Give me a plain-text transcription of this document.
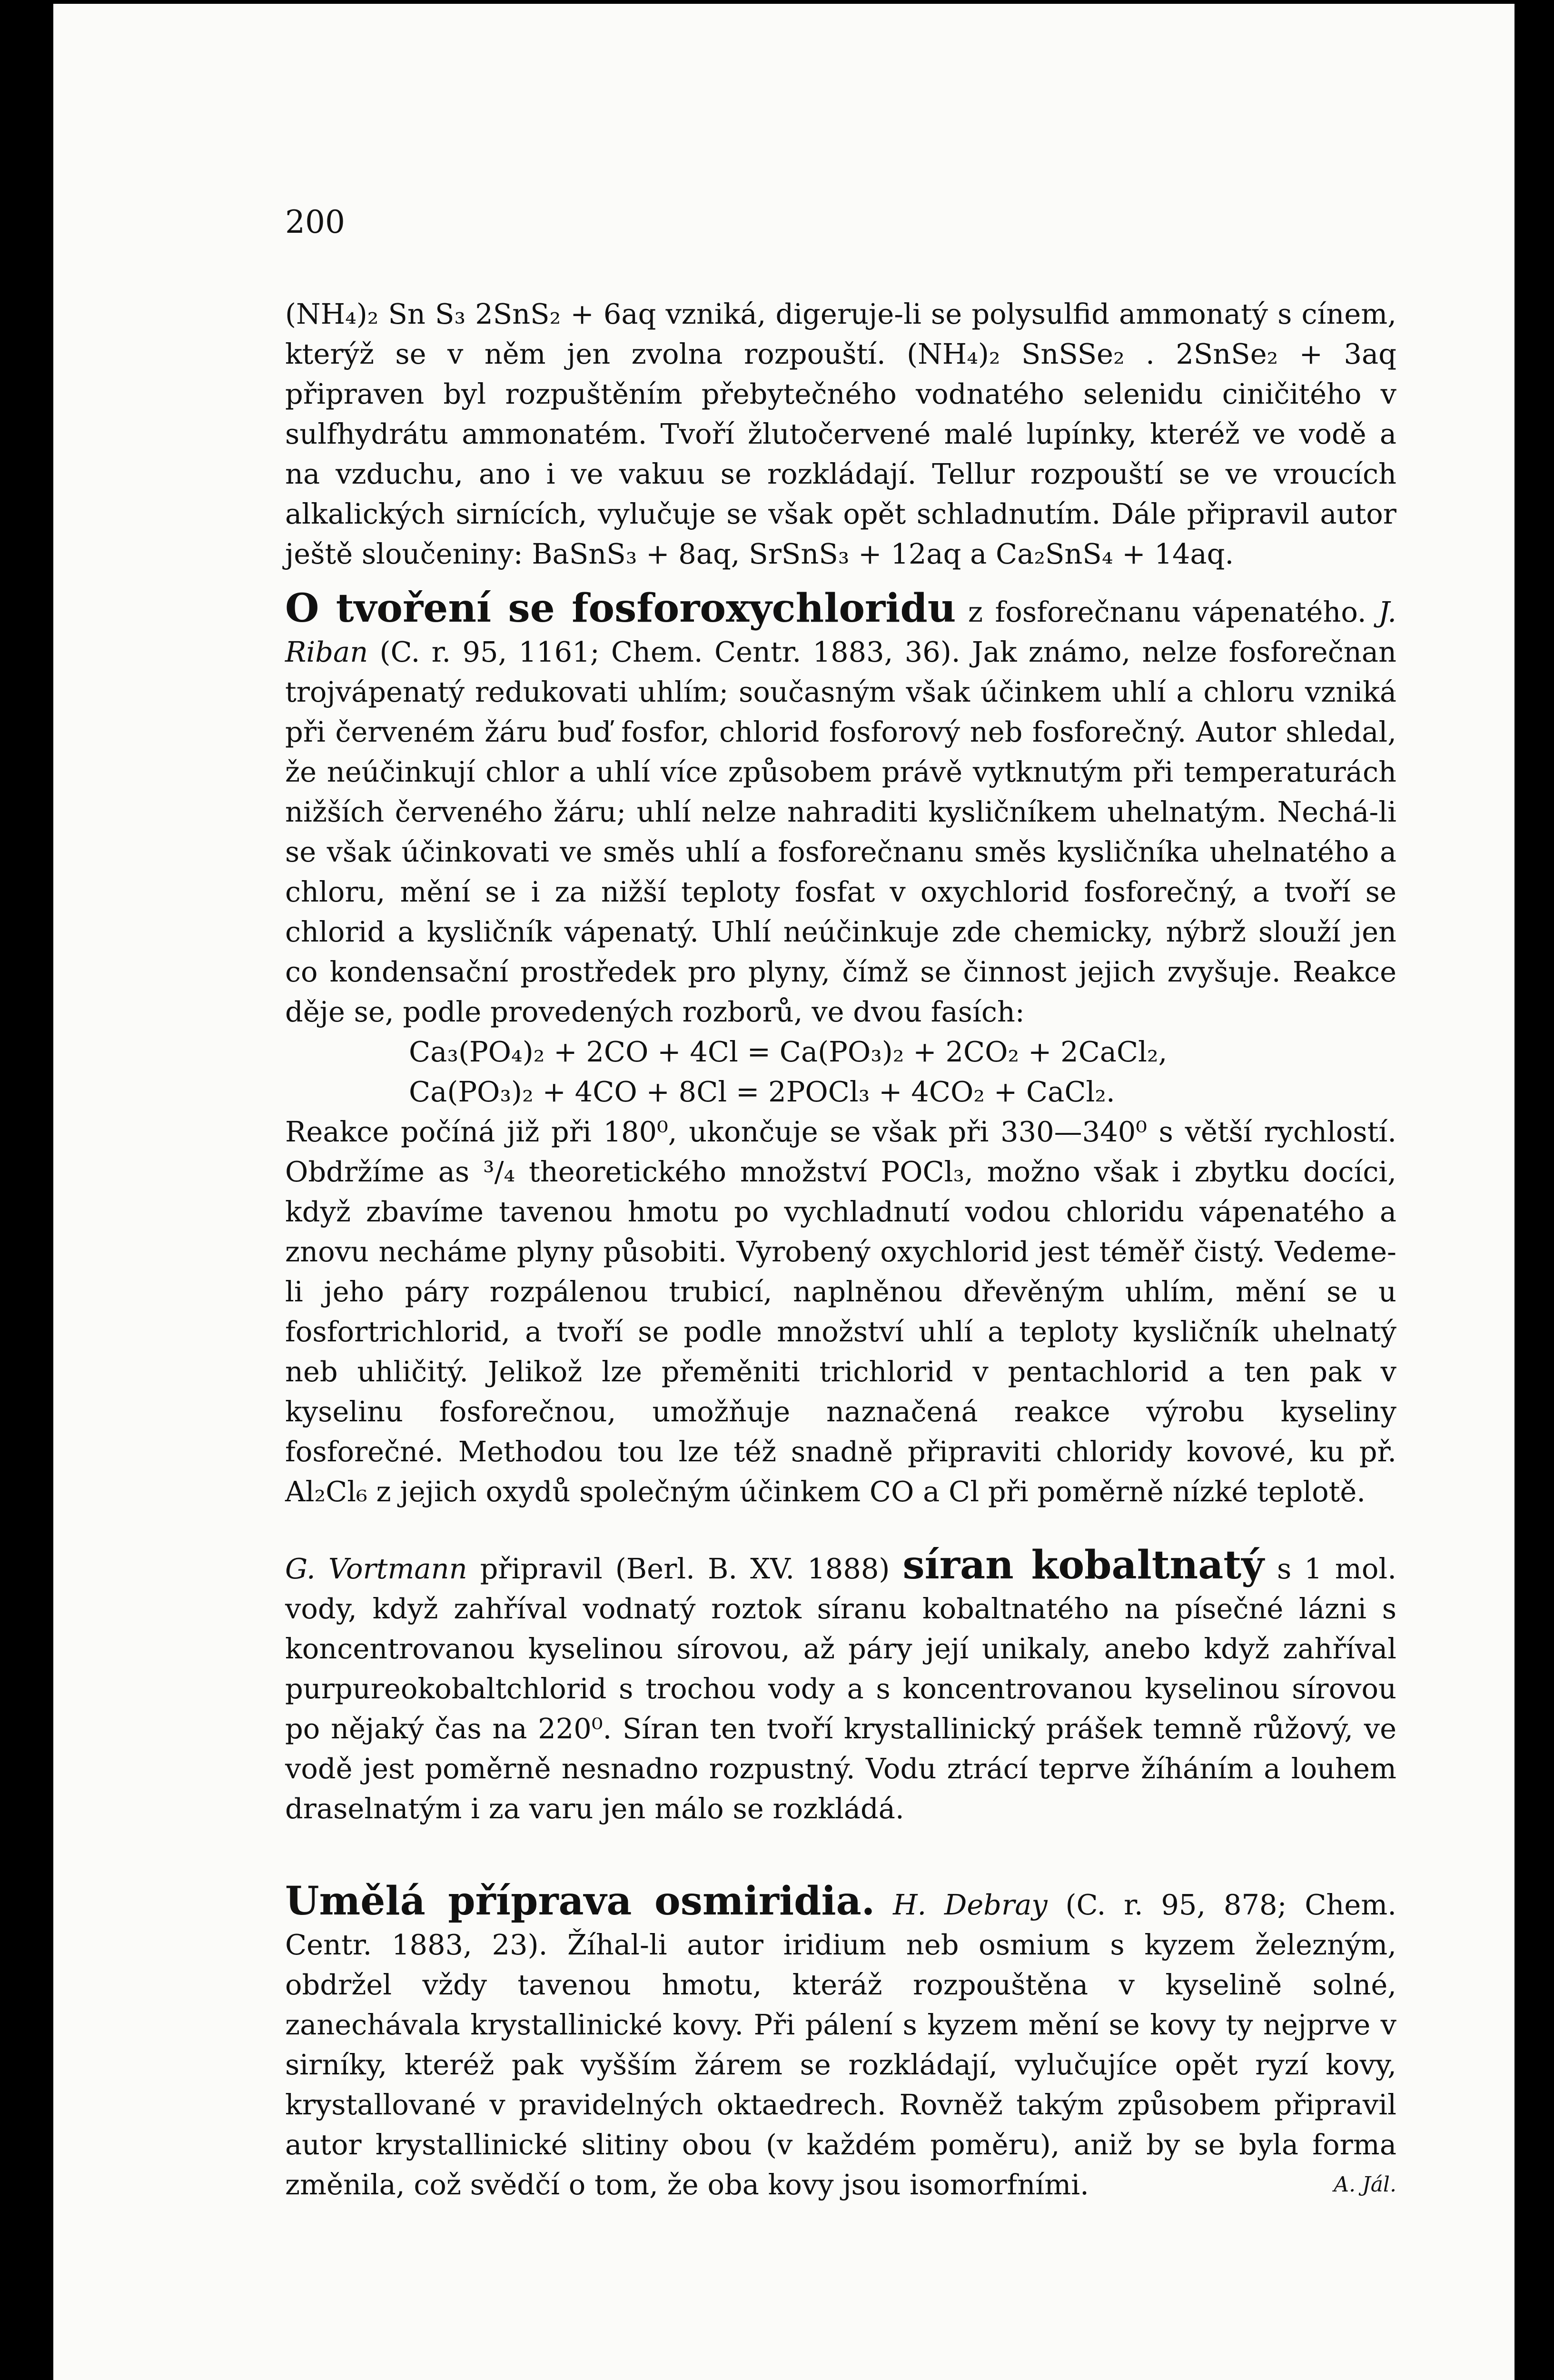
200

(NH₄)₂ Sn S₃ 2SnS₂ + 6aq vzniká, digeruje-li se polysulfid ammonatý s cínem, kterýž se v něm jen zvolna rozpouští. (NH₄)₂ SnSSe₂ . 2SnSe₂ + 3aq připraven byl rozpuštěním přebytečného vodnatého selenidu ciničitého v sulfhydrátu ammonatém. Tvoří žlutočervené malé lupínky, kteréž ve vodě a na vzduchu, ano i ve vakuu se rozkládají. Tellur rozpouští se ve vroucích alkalických sirnících, vylučuje se však opět schladnutím. Dále připravil autor ještě sloučeniny: BaSnS₃ + 8aq, SrSnS₃ + 12aq a Ca₂SnS₄ + 14aq.

O tvoření se fosforoxychloridu z fosforečnanu vápenatého. J. Riban (C. r. 95, 1161; Chem. Centr. 1883, 36). Jak známo, nelze fosforečnan trojvápenatý redukovati uhlím; současným však účinkem uhlí a chloru vzniká při červeném žáru buď fosfor, chlorid fosforový neb fosforečný. Autor shledal, že neúčinkují chlor a uhlí více způsobem právě vytknutým při temperaturách nižších červeného žáru; uhlí nelze nahraditi kysličníkem uhelnatým. Nechá-li se však účinkovati ve směs uhlí a fosforečnanu směs kysličníka uhelnatého a chloru, mění se i za nižší teploty fosfat v oxychlorid fosforečný, a tvoří se chlorid a kysličník vápenatý. Uhlí neúčinkuje zde chemicky, nýbrž slouží jen co kondensační prostředek pro plyny, čímž se činnost jejich zvyšuje. Reakce děje se, podle provedených rozborů, ve dvou fasích:

Ca₃(PO₄)₂ + 2CO + 4Cl = Ca(PO₃)₂ + 2CO₂ + 2CaCl₂,
Ca(PO₃)₂ + 4CO + 8Cl = 2POCl₃ + 4CO₂ + CaCl₂.

Reakce počíná již při 180⁰, ukončuje se však při 330—340⁰ s větší rychlostí. Obdržíme as ³/₄ theoretického množství POCl₃, možno však i zbytku docíci, když zbavíme tavenou hmotu po vychladnutí vodou chloridu vápenatého a znovu necháme plyny působiti. Vyrobený oxychlorid jest téměř čistý. Vedeme-li jeho páry rozpálenou trubicí, naplněnou dřevěným uhlím, mění se u fosfortrichlorid, a tvoří se podle množství uhlí a teploty kysličník uhelnatý neb uhličitý. Jelikož lze přeměniti trichlorid v pentachlorid a ten pak v kyselinu fosforečnou, umožňuje naznačená reakce výrobu kyseliny fosforečné. Methodou tou lze též snadně připraviti chloridy kovové, ku př. Al₂Cl₆ z jejich oxydů společným účinkem CO a Cl při poměrně nízké teplotě.

G. Vortmann připravil (Berl. B. XV. 1888) síran kobaltnatý s 1 mol. vody, když zahříval vodnatý roztok síranu kobaltnatého na písečné lázni s koncentrovanou kyselinou sírovou, až páry její unikaly, anebo když zahříval purpureokobaltchlorid s trochou vody a s koncentrovanou kyselinou sírovou po nějaký čas na 220⁰. Síran ten tvoří krystallinický prášek temně růžový, ve vodě jest poměrně nesnadno rozpustný. Vodu ztrácí teprve žíháním a louhem draselnatým i za varu jen málo se rozkládá.

Umělá příprava osmiridia. H. Debray (C. r. 95, 878; Chem. Centr. 1883, 23). Žíhal-li autor iridium neb osmium s kyzem železným, obdržel vždy tavenou hmotu, kteráž rozpouštěna v kyselině solné, zanechávala krystallinické kovy. Při pálení s kyzem mění se kovy ty nejprve v sirníky, kteréž pak vyšším žárem se rozkládají, vylučujíce opět ryzí kovy, krystallované v pravidelných oktaedrech. Rovněž takým způsobem připravil autor krystallinické slitiny obou (v každém poměru), aniž by se byla forma změnila, což svědčí o tom, že oba kovy jsou isomorfními.	A. Jál.
